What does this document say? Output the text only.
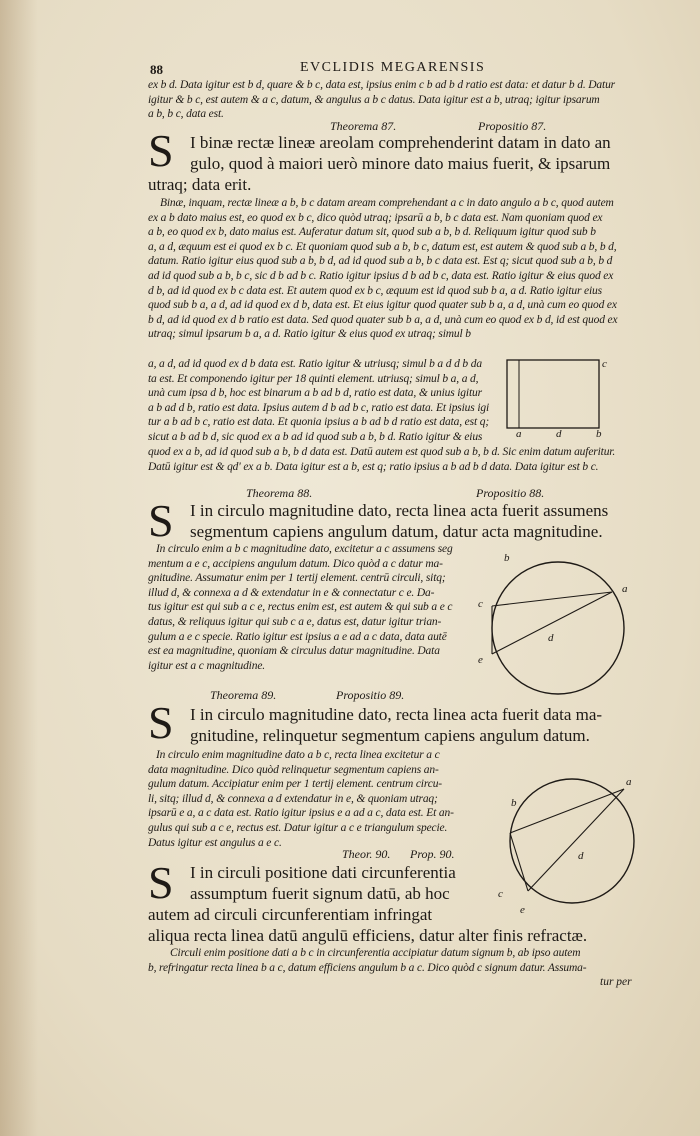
88	EVCLIDIS MEGARENSIS
ex b d. Data igitur est b d, quare & b c, data est, ipsius enim c b ad b d ratio est data: et datur b d. Datur
igitur & b c, est autem & a c, datum, & angulus a b c datus. Data igitur est a b, utraq; igitur ipsarum
a b, b c, data est.
Theorema 87.	Propositio 87.
S I binæ rectæ lineæ areolam comprehenderint datam in dato an
gulo, quod à maiori uerò minore dato maius fuerit, & ipsarum
utraq; data erit.
Binæ, inquam, rectæ lineæ a b, b c datam aream comprehendant a c in dato angulo a b c, quod autem
ex a b dato maius est, eo quod ex b c, dico quòd utraq; ipsarū a b, b c data est. Nam quoniam quod ex
a b, eo quod ex b, dato maius est. Auferatur datum sit, quod sub a b, b d. Reliquum igitur quod sub b
a, a d, æquum est ei quod ex b c. Et quoniam quod sub a b, b c, datum est, est autem & quod sub a b, b d,
datum. Ratio igitur eius quod sub a b, b d, ad id quod sub a b, b c data est. Est q; sicut quod sub a b, b d
ad id quod sub a b, b c, sic d b ad b c. Ratio igitur ipsius d b ad b c, data est. Ratio igitur & eius quod ex
d b, ad id quod ex b c data est. Et autem quod ex b c, æquum est id quod sub b a, a d. Ratio igitur eius
quod sub b a, a d, ad id quod ex d b, data est. Et eius igitur quod quater sub b a, a d, unà cum eo quod ex
b d, ad id quod ex d b ratio est data. Sed quod quater sub b a, a d, unà cum eo quod ex b d, id est quod ex
utraq; simul ipsarum b a, a d. Ratio igitur & eius quod ex utraq; simul b
a, a d, ad id quod ex d b data est. Ratio igitur & utriusq; simul b a d d b da
ta est. Et componendo igitur per 18 quinti element. utriusq; simul b a, a d,
unà cum ipsa d b, hoc est binarum a b ad b d, ratio est data, & unius igitur
a b ad d b, ratio est data. Ipsius autem d b ad b c, ratio est data. Et ipsius igi
tur a b ad b c, ratio est data. Et quonia ipsius a b ad b d ratio est data, est q;
sicut a b ad b d, sic quod ex a b ad id quod sub a b, b d. Ratio igitur & eius
quod ex a b, ad id quod sub a b, b d data est. Datū autem est quod sub a b, b d. Sic enim datum auferitur.
Datū igitur est & qd' ex a b. Data igitur est a b, est q; ratio ipsius a b ad b d data. Data igitur est b c.
c
a	d	b
Theorema 88.	Propositio 88.
S I in circulo magnitudine dato, recta linea acta fuerit assumens
segmentum capiens angulum datum, datur acta magnitudine.
In circulo enim a b c magnitudine dato, excitetur a c assumens seg
mentum a e c, accipiens angulum datum. Dico quòd a c datur ma-
gnitudine. Assumatur enim per 1 tertij element. centrū circuli, sitq;
illud d, & connexa a d & extendatur in e & connectatur c e. Da-
tus igitur est qui sub a c e, rectus enim est, est autem & qui sub a e c
datus, & reliquus igitur qui sub c a e, datus est, datur igitur trian-
gulum a e c specie. Ratio igitur est ipsius a e ad a c data, data autē
est ea magnitudine, quoniam & circulus datur magnitudine. Data
igitur est a c magnitudine.
b
a
c
d
e
Theorema 89.	Propositio 89.
S I in circulo magnitudine dato, recta linea acta fuerit data ma-
gnitudine, relinquetur segmentum capiens angulum datum.
In circulo enim magnitudine dato a b c, recta linea excitetur a c
data magnitudine. Dico quòd relinquetur segmentum capiens an-
gulum datum. Accipiatur enim per 1 tertij element. centrum circu-
li, sitq; illud d, & connexa a d extendatur in e, & quoniam utraq;
ipsarū e a, a c data est. Ratio igitur ipsius e a ad a c, data est. Et an-
gulus qui sub a c e, rectus est. Datur igitur a c e triangulum specie.
Datus igitur est angulus a e c.
Theor. 90. Prop. 90.
a
b
d
c
e
S I in circuli positione dati circunferentia
assumptum fuerit signum datū, ab hoc
autem ad circuli circunferentiam infringat
aliqua recta linea datū angulū efficiens, datur alter finis refractæ.
Circuli enim positione dati a b c in circunferentia accipiatur datum signum b, ab ipso autem
b, refringatur recta linea b a c, datum efficiens angulum b a c. Dico quòd c signum datur. Assuma-
tur per
